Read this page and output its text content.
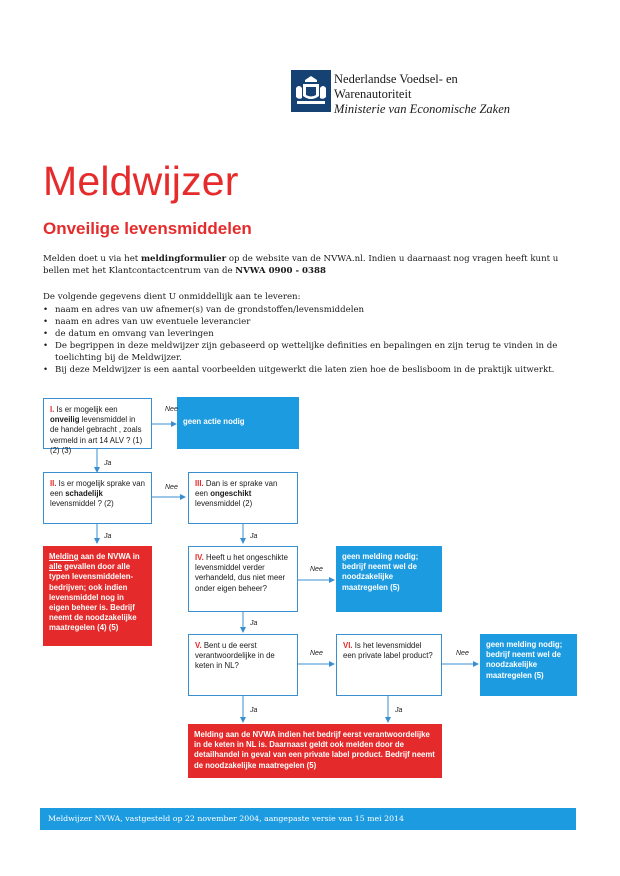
Nederlandse Voedsel- en
Warenautoriteit
Ministerie van Economische Zaken
Meldwijzer
Onveilige levensmiddelen

Melden doet u via het meldingformulier op de website van de NVWA.nl. Indien u daarnaast nog vragen heeft kunt u bellen met het Klantcontactcentrum van de NVWA 0900 - 0388

De volgende gegevens dient U onmiddellijk aan te leveren:

• naam en adres van uw afnemer(s) van de grondstoffen/levensmiddelen
• naam en adres van uw eventuele leverancier
• de datum en omvang van leveringen
• De begrippen in deze meldwijzer zijn gebaseerd op wettelijke definities en bepalingen en zijn terug te vinden in de toelichting bij de Meldwijzer.
• Bij deze Meldwijzer is een aantal voorbeelden uitgewerkt die laten zien hoe de beslisboom in de praktijk uitwerkt.
I. Is er mogelijk een onveilig levensmiddel in de handel gebracht , zoals vermeld in art 14 ALV ? (1) (2) (3)
geen actie nodig
II. Is er mogelijk sprake van een schadelijk levensmiddel ? (2)
III. Dan is er sprake van een ongeschikt levensmiddel (2)
Melding aan de NVWA in alle gevallen door alle typen levensmiddelen-bedrijven; ook indien levensmiddel nog in eigen beheer is. Bedrijf neemt de noodzakelijke maatregelen (4) (5)
IV. Heeft u het ongeschikte levensmiddel verder verhandeld, dus niet meer onder eigen beheer?
geen melding nodig; bedrijf neemt wel de noodzakelijke maatregelen (5)
V. Bent u de eerst verantwoordelijke in de keten in NL?
VI. Is het levensmiddel een private label product?
geen melding nodig; bedrijf neemt wel de noodzakelijke maatregelen (5)
Melding aan de NVWA indien het bedrijf eerst verantwoordelijke in de keten in NL is. Daarnaast geldt ook melden door de detailhandel in geval van een private label product. Bedrijf neemt de noodzakelijke maatregelen (5)
Nee
Ja
Nee
Ja	Ja
Nee
Ja
Nee	Nee
Ja	Ja
Meldwijzer NVWA, vastgesteld op 22 november 2004, aangepaste versie van 15 mei 2014
